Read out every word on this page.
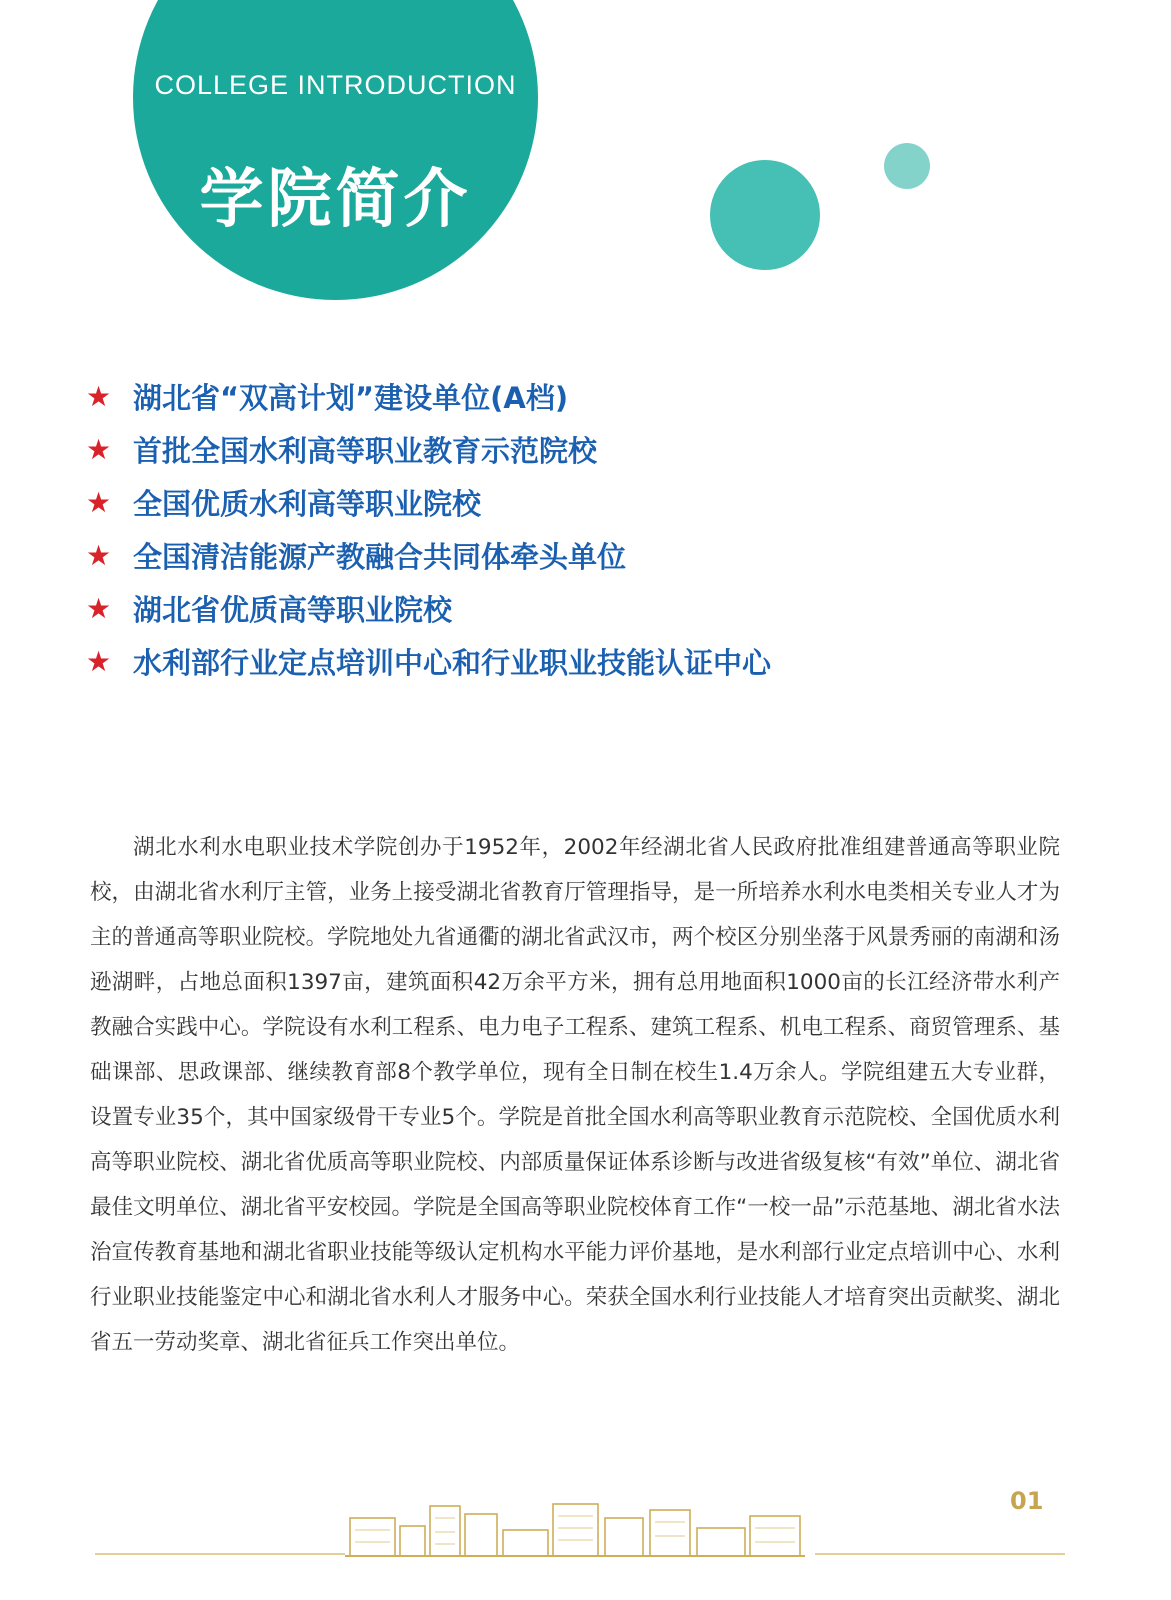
COLLEGE INTRODUCTION
学院简介
★ 湖北省“双高计划”建设单位(A档)
★ 首批全国水利高等职业教育示范院校
★ 全国优质水利高等职业院校
★ 全国清洁能源产教融合共同体牵头单位
★ 湖北省优质高等职业院校
★ 水利部行业定点培训中心和行业职业技能认证中心

湖北水利水电职业技术学院创办于1952年，2002年经湖北省人民政府批准组建普通高等职业院校，由湖北省水利厅主管，业务上接受湖北省教育厅管理指导，是一所培养水利水电类相关专业人才为主的普通高等职业院校。学院地处九省通衢的湖北省武汉市，两个校区分别坐落于风景秀丽的南湖和汤逊湖畔，占地总面积1397亩，建筑面积42万余平方米，拥有总用地面积1000亩的长江经济带水利产教融合实践中心。学院设有水利工程系、电力电子工程系、建筑工程系、机电工程系、商贸管理系、基础课部、思政课部、继续教育部8个教学单位，现有全日制在校生1.4万余人。学院组建五大专业群，设置专业35个，其中国家级骨干专业5个。学院是首批全国水利高等职业教育示范院校、全国优质水利高等职业院校、湖北省优质高等职业院校、内部质量保证体系诊断与改进省级复核“有效”单位、湖北省最佳文明单位、湖北省平安校园。学院是全国高等职业院校体育工作“一校一品”示范基地、湖北省水法治宣传教育基地和湖北省职业技能等级认定机构水平能力评价基地，是水利部行业定点培训中心、水利行业职业技能鉴定中心和湖北省水利人才服务中心。荣获全国水利行业技能人才培育突出贡献奖、湖北省五一劳动奖章、湖北省征兵工作突出单位。

01
